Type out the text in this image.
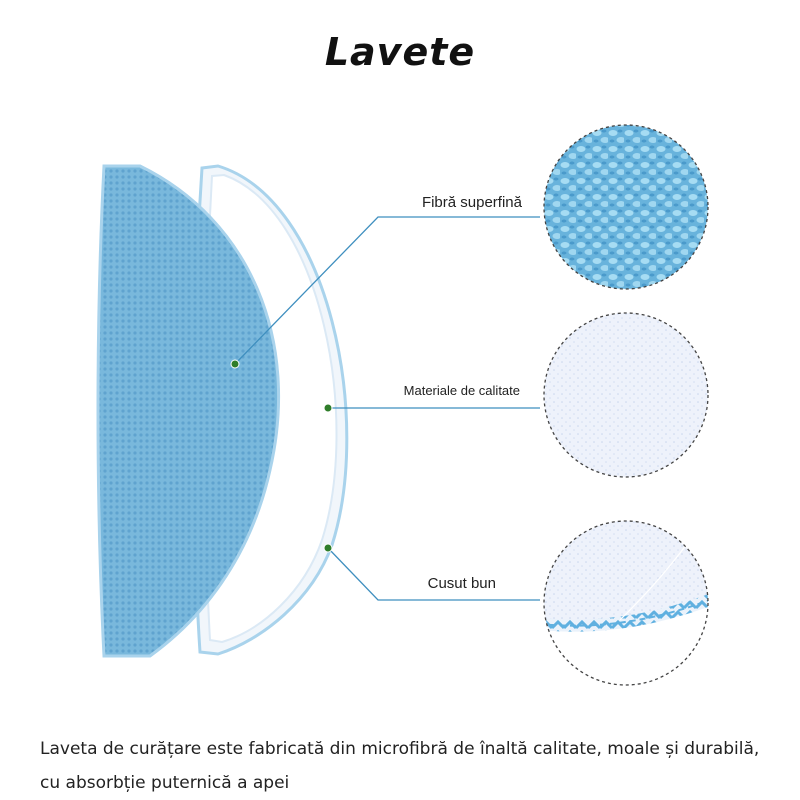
Lavete
Fibră superfină
Materiale de calitate
Cusut bun
Laveta de curățare este fabricată din microfibră de înaltă calitate, moale și durabilă, cu absorbție puternică a apei
